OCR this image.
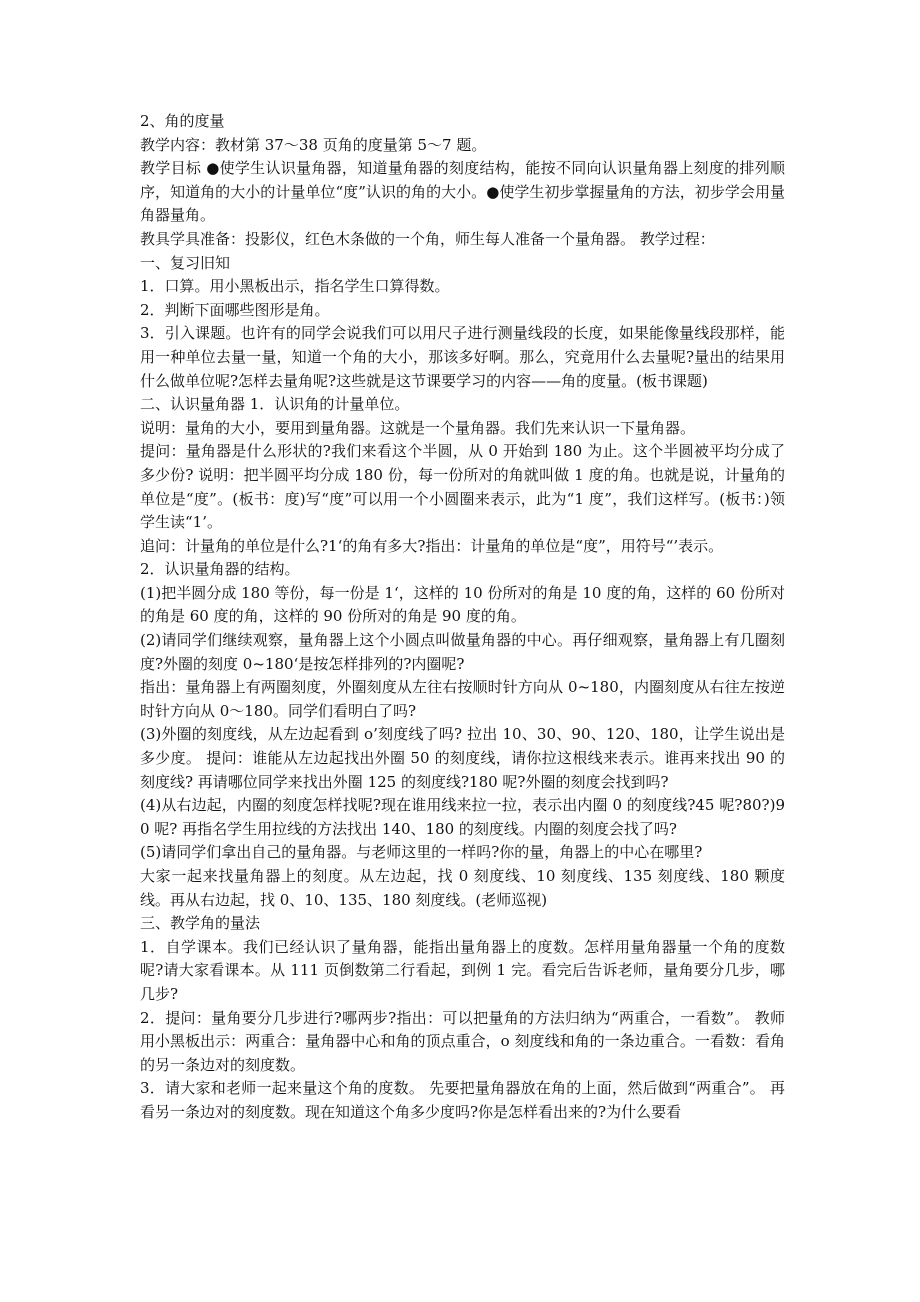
2、角的度量

教学内容：教材第 37～38 页角的度量第 5～7 题。

教学目标 ●使学生认识量角器，知道量角器的刻度结构，能按不同向认识量角器上刻度的排列顺序，知道角的大小的计量单位“度”认识的角的大小。●使学生初步掌握量角的方法，初步学会用量角器量角。

教具学具准备：投影仪，红色木条做的一个角，师生每人准备一个量角器。 教学过程：

一、复习旧知

1．口算。用小黑板出示，指名学生口算得数。

2．判断下面哪些图形是角。

3．引入课题。也许有的同学会说我们可以用尺子进行测量线段的长度，如果能像量线段那样，能用一种单位去量一量，知道一个角的大小，那该多好啊。那么，究竟用什么去量呢?量出的结果用什么做单位呢?怎样去量角呢?这些就是这节课要学习的内容——角的度量。(板书课题)

二、认识量角器 1．认识角的计量单位。

说明：量角的大小，要用到量角器。这就是一个量角器。我们先来认识一下量角器。

提问：量角器是什么形状的?我们来看这个半圆，从 0 开始到 180 为止。这个半圆被平均分成了多少份? 说明：把半圆平均分成 180 份，每一份所对的角就叫做 1 度的角。也就是说，计量角的单位是“度”。(板书：度)写“度”可以用一个小圆圈来表示，此为“1 度”，我们这样写。(板书：)领学生读“1’。

追问：计量角的单位是什么?1‘的角有多大?指出：计量角的单位是“度”，用符号“’表示。

2．认识量角器的结构。

(1)把半圆分成 180 等份，每一份是 1‘，这样的 10 份所对的角是 10 度的角，这样的 60 份所对的角是 60 度的角，这样的 90 份所对的角是 90 度的角。

(2)请同学们继续观察，量角器上这个小圆点叫做量角器的中心。再仔细观察，量角器上有几圈刻度?外圈的刻度 0~180‘是按怎样排列的?内圈呢?

指出：量角器上有两圈刻度，外圈刻度从左往右按顺时针方向从 0~180，内圈刻度从右往左按逆时针方向从 0～180。同学们看明白了吗?

(3)外圈的刻度线，从左边起看到 o’刻度线了吗? 拉出 10、30、90、120、180，让学生说出是多少度。 提问：谁能从左边起找出外圈 50 的刻度线，请你拉这根线来表示。谁再来找出 90 的刻度线? 再请哪位同学来找出外圈 125 的刻度线?180 呢?外圈的刻度会找到吗?

(4)从右边起，内圈的刻度怎样找呢?现在谁用线来拉一拉，表示出内圈 0 的刻度线?45 呢?80?)90 呢? 再指名学生用拉线的方法找出 140、180 的刻度线。内圈的刻度会找了吗?

(5)请同学们拿出自己的量角器。与老师这里的一样吗?你的量，角器上的中心在哪里?

大家一起来找量角器上的刻度。从左边起，找 0 刻度线、10 刻度线、135 刻度线、180 颗度线。再从右边起，找 0、10、135、180 刻度线。(老师巡视)

三、教学角的量法

1．自学课本。我们已经认识了量角器，能指出量角器上的度数。怎样用量角器量一个角的度数呢?请大家看课本。从 111 页倒数第二行看起，到例 1 完。看完后告诉老师，量角要分几步，哪几步?

2．提问：量角要分几步进行?哪两步?指出：可以把量角的方法归纳为“两重合，一看数”。 教师用小黑板出示：两重合：量角器中心和角的顶点重合，o 刻度线和角的一条边重合。一看数：看角的另一条边对的刻度数。

3．请大家和老师一起来量这个角的度数。 先要把量角器放在角的上面，然后做到“两重合”。 再看另一条边对的刻度数。现在知道这个角多少度吗?你是怎样看出来的?为什么要看
